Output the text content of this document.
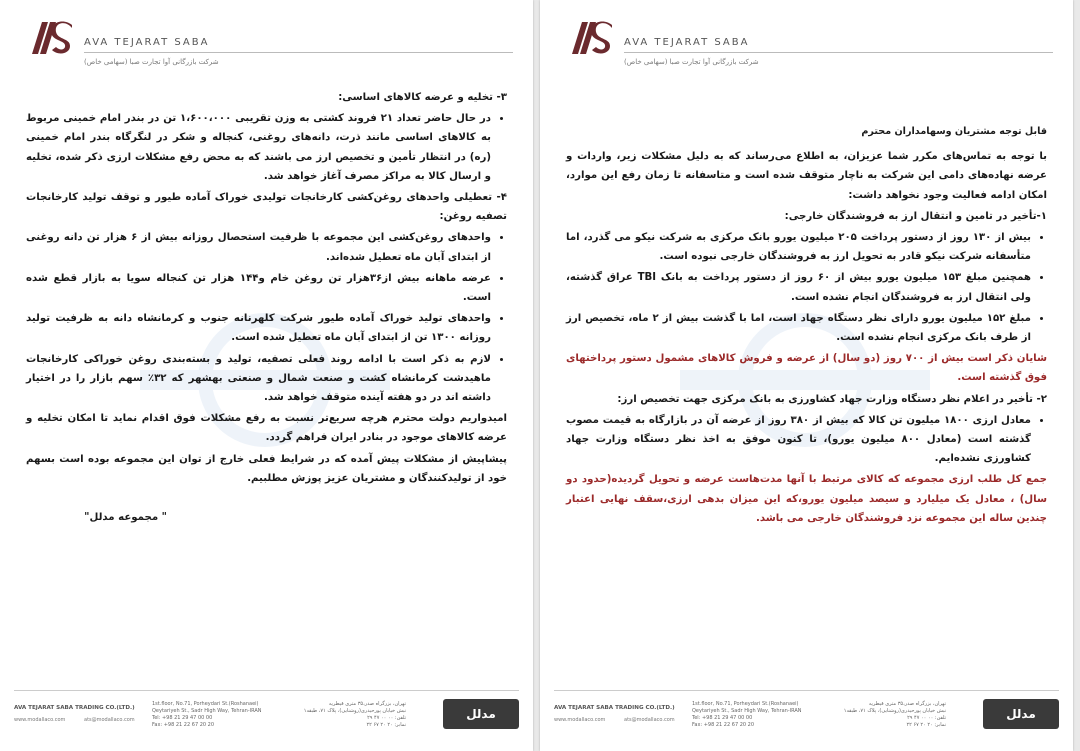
AVA TEJARAT SABA
شرکت بازرگانی آوا تجارت صبا (سهامی خاص)

۳- تخلیه و عرضه کالاهای اساسی:

• در حال حاضر تعداد ۲۱ فروند کشتی به وزن تقریبی ۱،۶۰۰،۰۰۰ تن در بندر امام خمینی مربوط به کالاهای اساسی مانند ذرت، دانه‌های روغنی، کنجاله و شکر در لنگرگاه بندر امام خمینی (ره) در انتظار تأمین و تخصیص ارز می باشند که به محض رفع مشکلات ارزی ذکر شده، تخلیه و ارسال کالا به مراکز مصرف آغاز خواهد شد.

۴- تعطیلی واحدهای روغن‌کشی کارخانجات تولیدی خوراک آماده طیور و توقف تولید کارخانجات تصفیه روغن:

• واحدهای روغن‌کشی این مجموعه با ظرفیت استحصال روزانه بیش از ۶ هزار تن دانه روغنی از ابتدای آبان ماه تعطیل شده‌اند.
• عرضه ماهانه بیش از۳۶هزار تن روغن خام و۱۴۴ هزار تن کنجاله سویا به بازار قطع شده است.
• واحدهای تولید خوراک آماده طیور شرکت کلهرنانه جنوب و کرمانشاه دانه به ظرفیت تولید روزانه ۱۳۰۰ تن از ابتدای آبان ماه تعطیل شده است.
• لازم به ذکر است با ادامه روند فعلی تصفیه، تولید و بسته‌بندی روغن خوراکی کارخانجات ماهیدشت کرمانشاه کشت و صنعت شمال و صنعتی بهشهر که ۳۲٪ سهم بازار را در اختیار داشته اند در دو هفته آینده متوقف خواهد شد.

امیدواریم دولت محترم هرچه سریع‌تر نسبت به رفع مشکلات فوق اقدام نماید تا امکان تخلیه و عرضه کالاهای موجود در بنادر ایران فراهم گردد.

پیشاپیش از مشکلات پیش آمده که در شرایط فعلی خارج از توان این مجموعه بوده است بسهم خود از تولیدکنندگان و مشتریان عزیز پوزش مطلبیم.

" مجموعه مدلل"

AVA TEJARAT SABA TRADING CO.(LTD.)
www.modallaco.com	ats@modallaco.com
1st.floor, No.71, Porheydari St.(Roshanaei)
Qeytariyeh St., Sadr High Way, Tehran-IRAN
Tel: +98 21 29 47 00 00
Fax: +98 21 22 67 20 20
تهران، بزرگراه صدر،۳۵ متری قیطریه
نبش خیابان پورحیدری(روشنایی)، پلاک ۷۱، طبقه۱
تلفن: ۰۰ ۰۰ ۴۷ ۲۹
نمابر: ۲۰ ۲۰ ۶۷ ۲۲
مدلل
AVA TEJARAT SABA
شرکت بازرگانی آوا تجارت صبا (سهامی خاص)

قابل توجه مشتریان وسهامداران محترم

با توجه به تماس‌های مکرر شما عزیزان، به اطلاع می‌رساند که به دلیل مشکلات زیر، واردات و عرضه نهاده‌های دامی این شرکت به ناچار متوقف شده است و متاسفانه تا زمان رفع این موارد، امکان ادامه فعالیت وجود نخواهد داشت:

۱-تأخیر در تامین و انتقال ارز به فروشندگان خارجی:

• بیش از ۱۳۰ روز از دستور پرداخت ۲۰۵ میلیون یورو بانک مرکزی به شرکت نیکو می گذرد، اما متأسفانه شرکت نیکو قادر به تحویل ارز به فروشندگان خارجی نبوده است.
• همچنین مبلغ ۱۵۳ میلیون یورو بیش از ۶۰ روز از دستور پرداخت به بانک TBI عراق گذشته، ولی انتقال ارز به فروشندگان انجام نشده است.
• مبلغ ۱۵۲ میلیون یورو دارای نظر دستگاه جهاد است، اما با گذشت بیش از ۲ ماه، تخصیص ارز از طرف بانک مرکزی انجام نشده است.

شایان ذکر است بیش از ۷۰۰ روز (دو سال) از عرضه و فروش کالاهای مشمول دستور پرداختهای فوق گذشته است.

۲- تأخیر در اعلام نظر دستگاه وزارت جهاد کشاورزی به بانک مرکزی جهت تخصیص ارز:

• معادل ارزی ۱۸۰۰ میلیون تن کالا که بیش از ۳۸۰ روز از عرضه آن در بازارگاه به قیمت مصوب گذشته است (معادل ۸۰۰ میلیون یورو)، تا کنون موفق به اخذ نظر دستگاه وزارت جهاد کشاورزی نشده‌ایم.

جمع کل طلب ارزی مجموعه که کالای مرتبط با آنها مدت‌هاست عرضه و تحویل گردیده(حدود دو سال) ، معادل یک میلیارد و سیصد میلیون یورو،که این میزان بدهی ارزی،سقف نهایی اعتبار چندین ساله این مجموعه نزد فروشندگان خارجی می باشد.

AVA TEJARAT SABA TRADING CO.(LTD.)
www.modallaco.com	ats@modallaco.com
1st.floor, No.71, Porheydari St.(Roshanaei)
Qeytariyeh St., Sadr High Way, Tehran-IRAN
Tel: +98 21 29 47 00 00
Fax: +98 21 22 67 20 20
تهران، بزرگراه صدر،۳۵ متری قیطریه
نبش خیابان پورحیدری(روشنایی)، پلاک ۷۱، طبقه۱
تلفن: ۰۰ ۰۰ ۴۷ ۲۹
نمابر: ۲۰ ۲۰ ۶۷ ۲۲
مدلل
